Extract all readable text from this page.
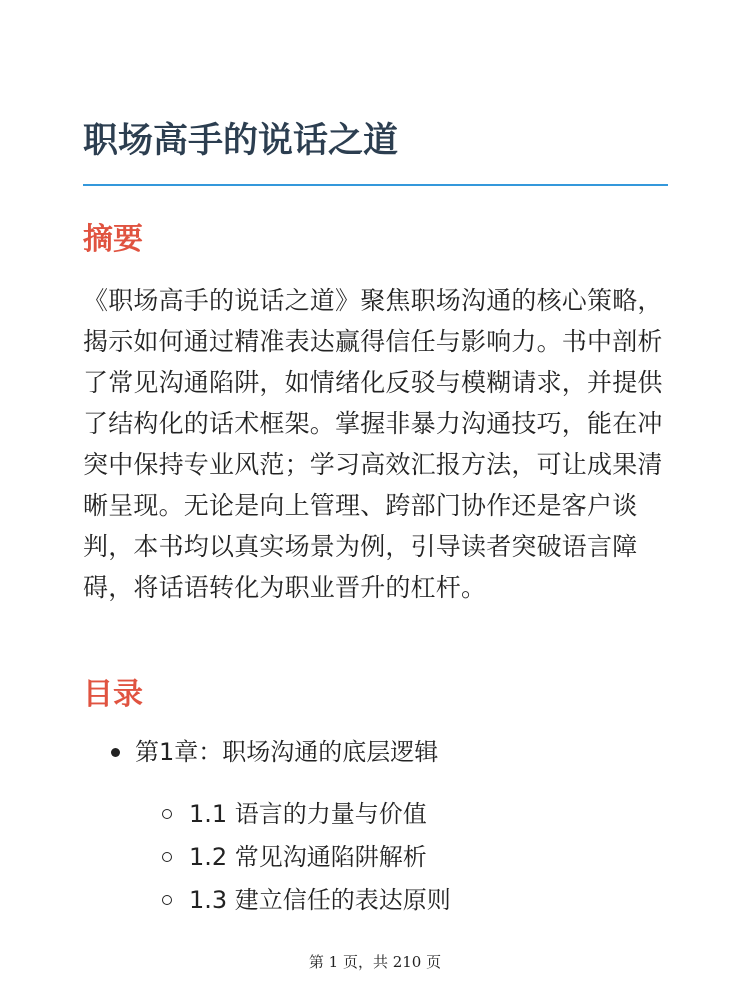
职场高手的说话之道
摘要

《职场高手的说话之道》聚焦职场沟通的核心策略，揭示如何通过精准表达赢得信任与影响力。书中剖析了常见沟通陷阱，如情绪化反驳与模糊请求，并提供了结构化的话术框架。掌握非暴力沟通技巧，能在冲突中保持专业风范；学习高效汇报方法，可让成果清晰呈现。无论是向上管理、跨部门协作还是客户谈判，本书均以真实场景为例，引导读者突破语言障碍，将话语转化为职业晋升的杠杆。

目录
第1章：职场沟通的底层逻辑
1.1 语言的力量与价值
1.2 常见沟通陷阱解析
1.3 建立信任的表达原则
第 1 页，共 210 页
